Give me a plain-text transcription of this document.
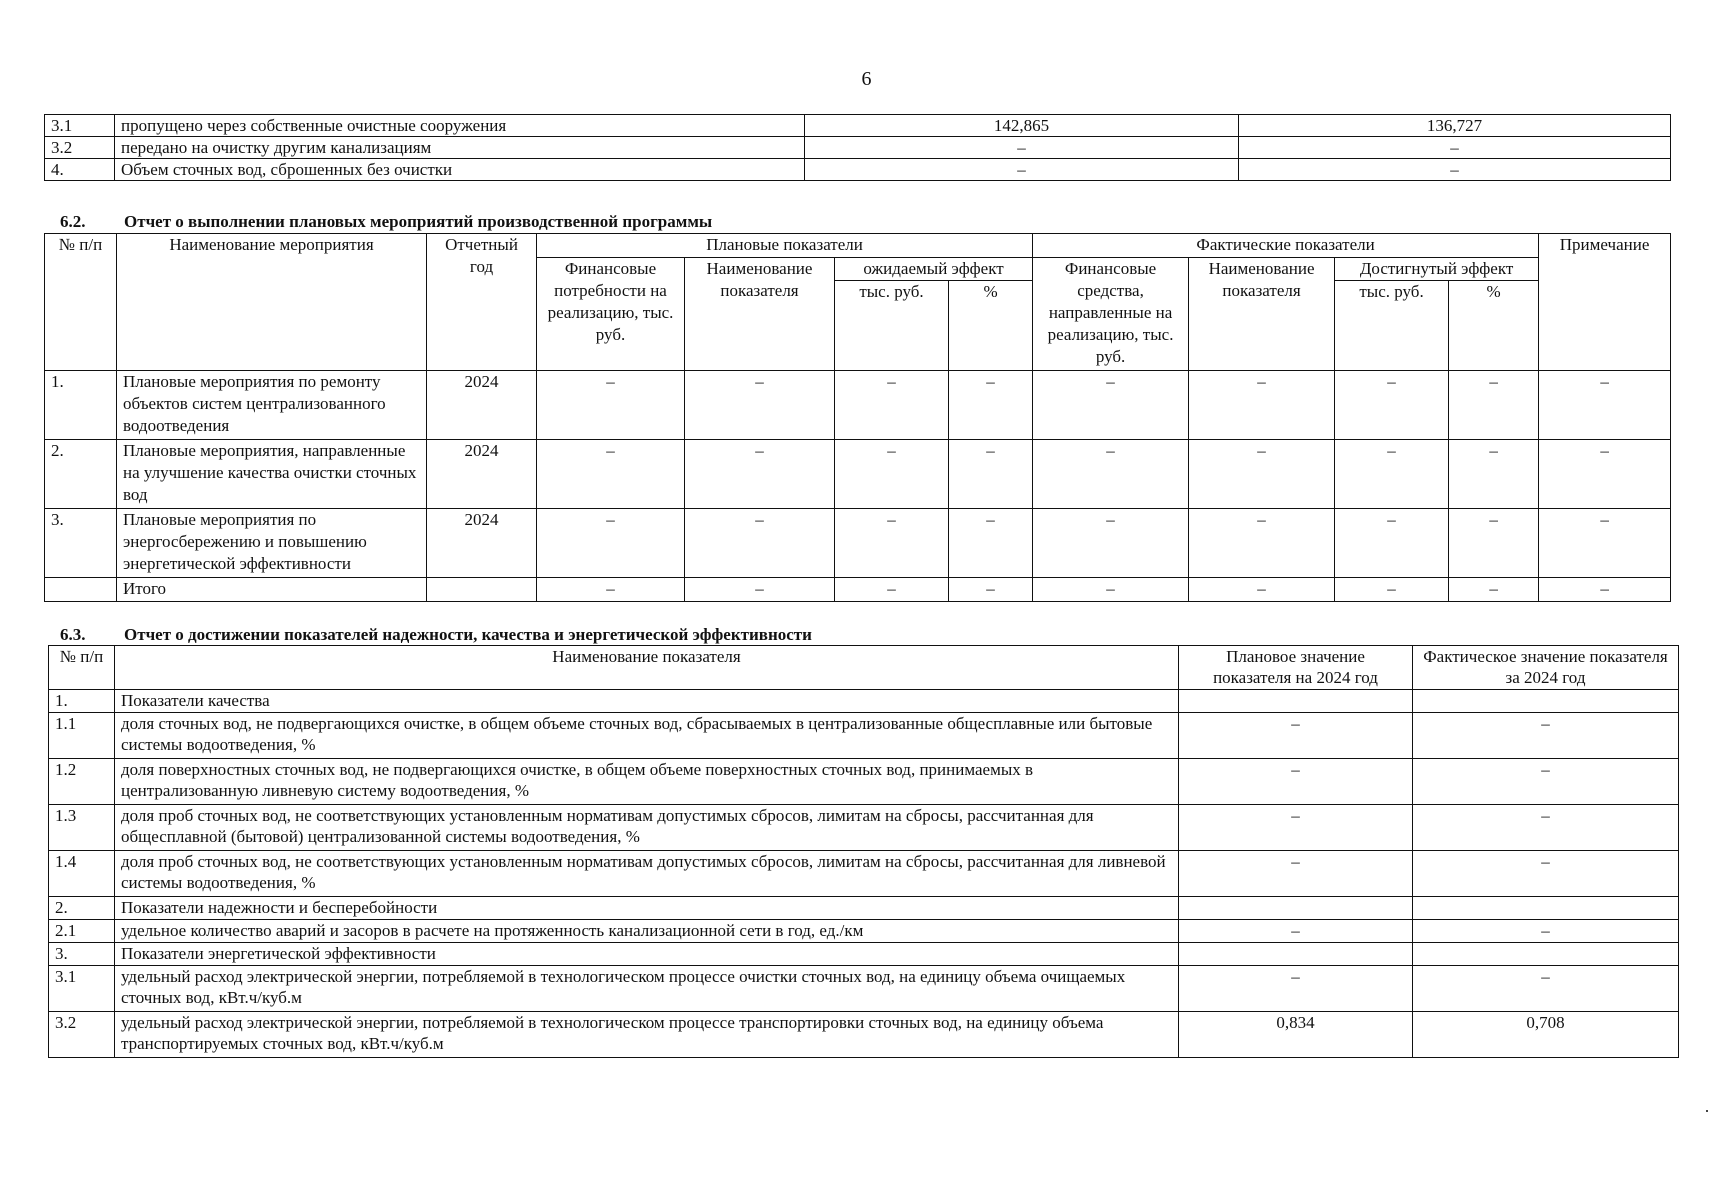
6
3.1	пропущено через собственные очистные сооружения	142,865	136,727
3.2	передано на очистку другим канализациям	–	–
4.	Объем сточных вод, сброшенных без очистки	–	–
6.2. Отчет о выполнении плановых мероприятий производственной программы
№ п/п	Наименование мероприятия	Отчетный год	Плановые показатели				Фактические показатели				Примечание
			Финансовые потребности на реализацию, тыс. руб.	Наименование показателя	ожидаемый эффект		Финансовые средства, направленные на реализацию, тыс. руб.	Наименование показателя	Достигнутый эффект		
					тыс. руб.	%			тыс. руб.	%	
1.	Плановые мероприятия по ремонту объектов систем централизованного водоотведения	2024	–	–	–	–	–	–	–	–	–
2.	Плановые мероприятия, направленные на улучшение качества очистки сточных вод	2024	–	–	–	–	–	–	–	–	–
3.	Плановые мероприятия по энергосбережению и повышению энергетической эффективности	2024	–	–	–	–	–	–	–	–	–
	Итого		–	–	–	–	–	–	–	–	–
6.3. Отчет о достижении показателей надежности, качества и энергетической эффективности
№ п/п	Наименование показателя	Плановое значение показателя на 2024 год	Фактическое значение показателя за 2024 год
1.	Показатели качества		
1.1	доля сточных вод, не подвергающихся очистке, в общем объеме сточных вод, сбрасываемых в централизованные общесплавные или бытовые системы водоотведения, %	–	–
1.2	доля поверхностных сточных вод, не подвергающихся очистке, в общем объеме поверхностных сточных вод, принимаемых в централизованную ливневую систему водоотведения, %	–	–
1.3	доля проб сточных вод, не соответствующих установленным нормативам допустимых сбросов, лимитам на сбросы, рассчитанная для общесплавной (бытовой) централизованной системы водоотведения, %	–	–
1.4	доля проб сточных вод, не соответствующих установленным нормативам допустимых сбросов, лимитам на сбросы, рассчитанная для ливневой системы водоотведения, %	–	–
2.	Показатели надежности и бесперебойности		
2.1	удельное количество аварий и засоров в расчете на протяженность канализационной сети в год, ед./км	–	–
3.	Показатели энергетической эффективности		
3.1	удельный расход электрической энергии, потребляемой в технологическом процессе очистки сточных вод, на единицу объема очищаемых сточных вод, кВт.ч/куб.м	–	–
3.2	удельный расход электрической энергии, потребляемой в технологическом процессе транспортировки сточных вод, на единицу объема транспортируемых сточных вод, кВт.ч/куб.м	0,834	0,708
